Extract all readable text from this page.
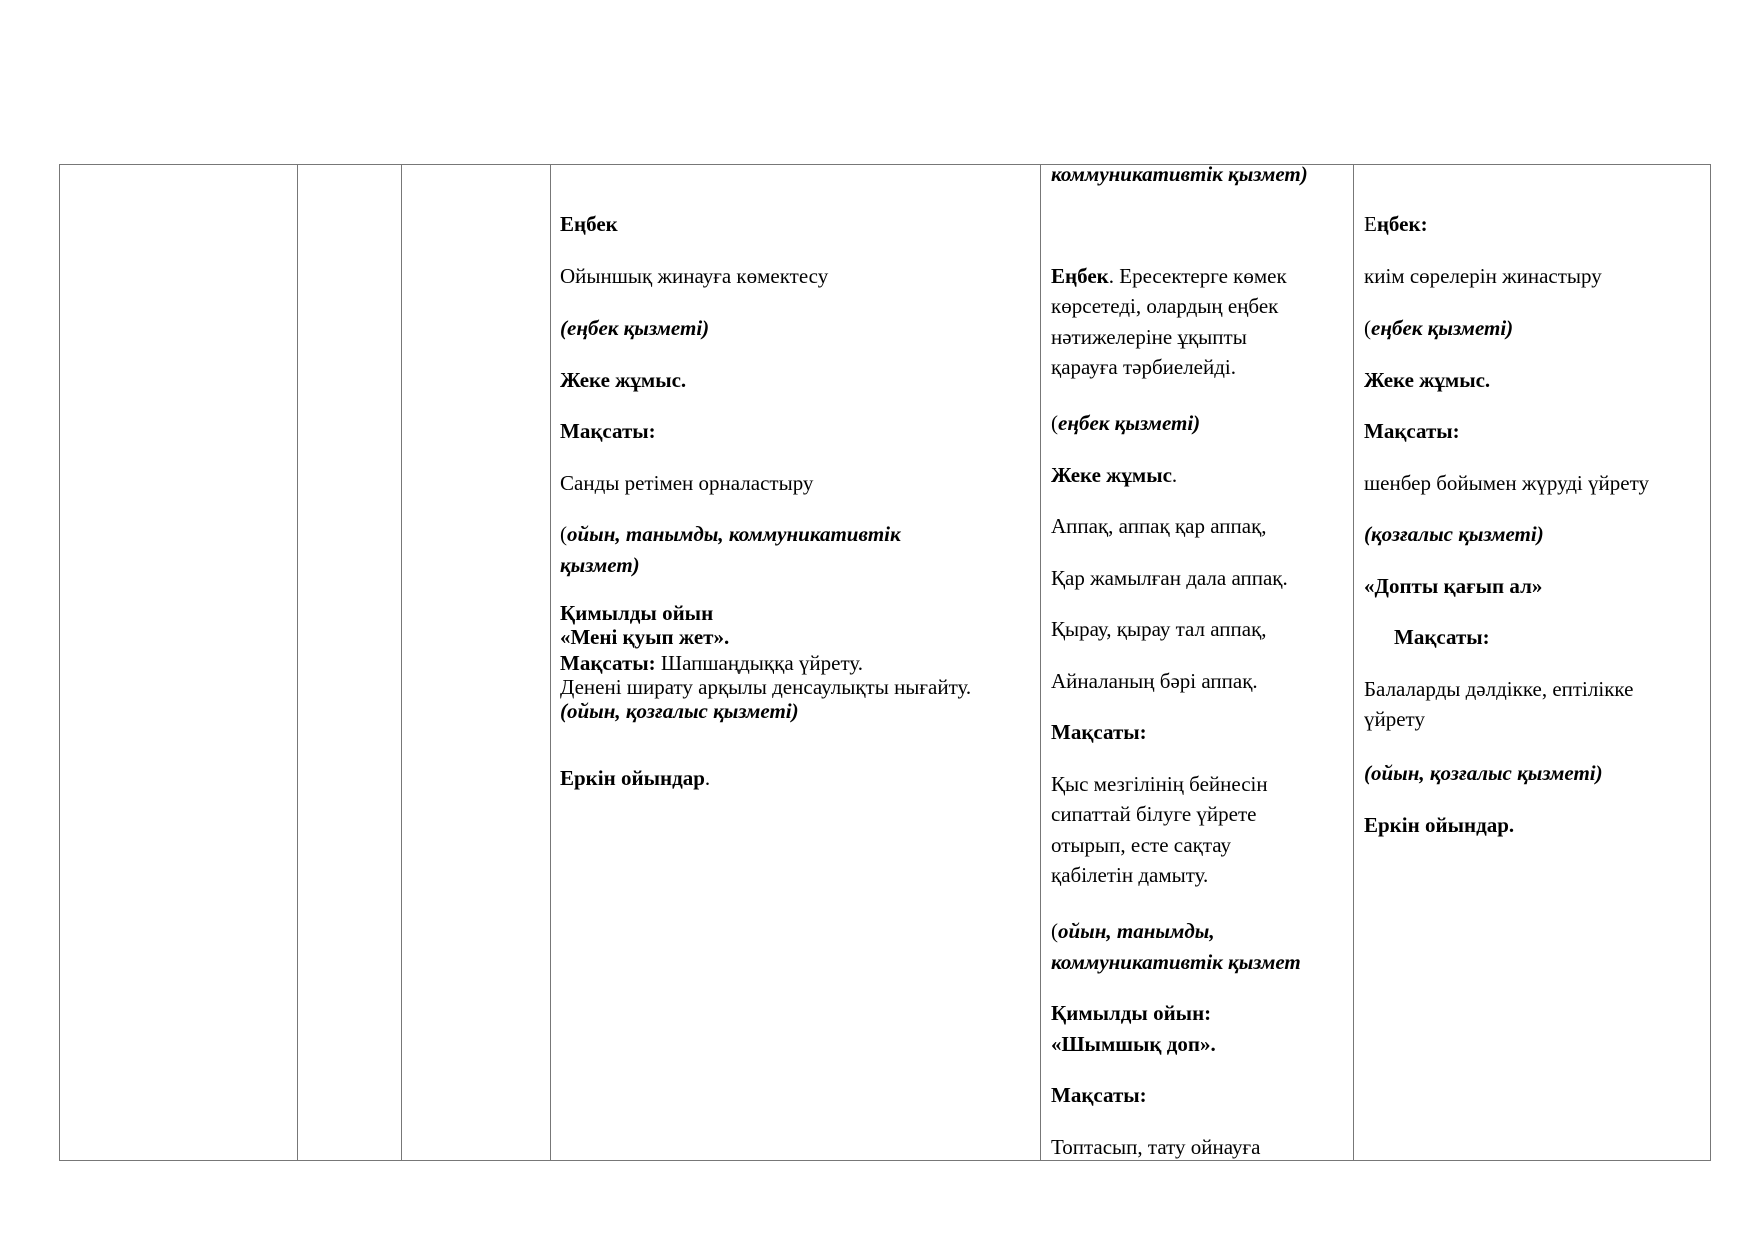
Еңбек
Ойыншық жинауға көмектесу
(еңбек қызметі)
Жеке жұмыс.
Мақсаты:
Санды ретімен орналастыру
(ойын, танымды, коммуникативтік
қызмет)
Қимылды ойын
«Мені қуып жет».
Мақсаты: Шапшаңдыққа үйрету.
Денені ширату арқылы денсаулықты нығайту.
(ойын, қозғалыс қызметі)
Еркін ойындар.
коммуникативтік қызмет)
Еңбек. Ересектерге көмек
көрсетеді, олардың еңбек
нәтижелеріне ұқыпты
қарауға тәрбиелейді.
(еңбек қызметі)
Жеке жұмыс.
Аппақ, аппақ қар аппақ,
Қар жамылған дала аппақ.
Қырау, қырау тал аппақ,
Айналаның бәрі аппақ.
Мақсаты:
Қыс мезгілінің бейнесін
сипаттай білуге үйрете
отырып, есте сақтау
қабілетін дамыту.
(ойын, танымды,
коммуникативтік қызмет
Қимылды ойын:
«Шымшық доп».
Мақсаты:
Топтасып, тату ойнауға
Еңбек:
киім сөрелерін жинастыру
(еңбек қызметі)
Жеке жұмыс.
Мақсаты:
шенбер бойымен жүруді үйрету
(қозғалыс қызметі)
«Допты қағып ал»
Мақсаты:
Балаларды дәлдікке, ептілікке
үйрету
(ойын, қозғалыс қызметі)
Еркін ойындар.
